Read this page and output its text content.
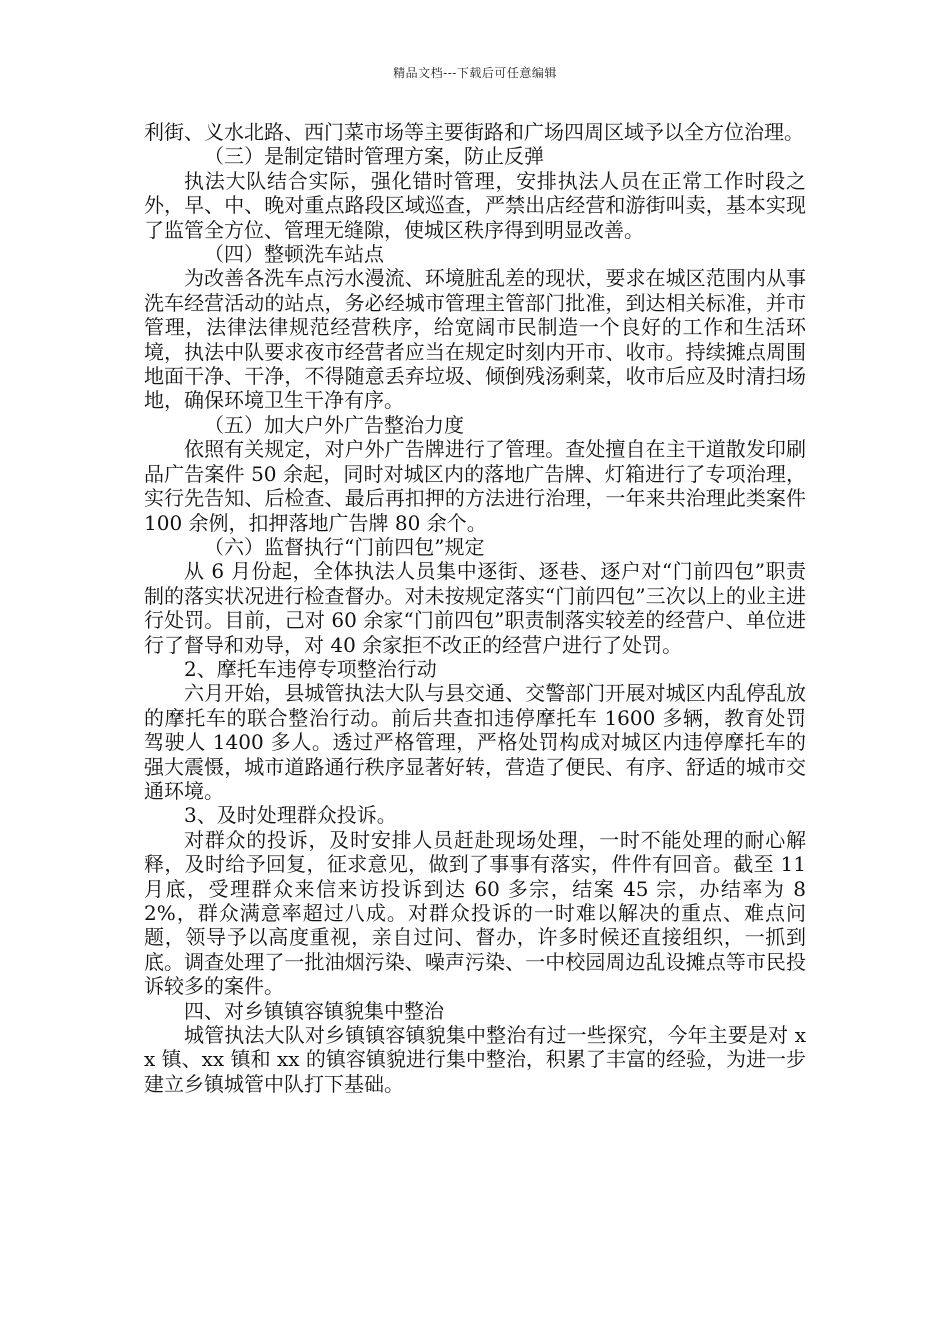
精品文档---下载后可任意编辑

利街、义水北路、西门菜市场等主要街路和广场四周区域予以全方位治理。

（三）是制定错时管理方案，防止反弹

执法大队结合实际，强化错时管理，安排执法人员在正常工作时段之外，早、中、晚对重点路段区域巡查，严禁出店经营和游街叫卖，基本实现了监管全方位、管理无缝隙，使城区秩序得到明显改善。

（四）整顿洗车站点

为改善各洗车点污水漫流、环境脏乱差的现状，要求在城区范围内从事洗车经营活动的站点，务必经城市管理主管部门批准，到达相关标准，并市管理，法律法律规范经营秩序，给宽阔市民制造一个良好的工作和生活环境，执法中队要求夜市经营者应当在规定时刻内开市、收市。持续摊点周围地面干净、干净，不得随意丢弃垃圾、倾倒残汤剩菜，收市后应及时清扫场地，确保环境卫生干净有序。

（五）加大户外广告整治力度

依照有关规定，对户外广告牌进行了管理。查处擅自在主干道散发印刷品广告案件 50 余起，同时对城区内的落地广告牌、灯箱进行了专项治理，实行先告知、后检查、最后再扣押的方法进行治理，一年来共治理此类案件 100 余例，扣押落地广告牌 80 余个。

（六）监督执行“门前四包”规定

从 6 月份起，全体执法人员集中逐街、逐巷、逐户对“门前四包”职责制的落实状况进行检查督办。对未按规定落实“门前四包”三次以上的业主进行处罚。目前，己对 60 余家“门前四包”职责制落实较差的经营户、单位进行了督导和劝导，对 40 余家拒不改正的经营户进行了处罚。

2、摩托车违停专项整治行动

六月开始，县城管执法大队与县交通、交警部门开展对城区内乱停乱放的摩托车的联合整治行动。前后共查扣违停摩托车 1600 多辆，教育处罚驾驶人 1400 多人。透过严格管理，严格处罚构成对城区内违停摩托车的强大震慑，城市道路通行秩序显著好转，营造了便民、有序、舒适的城市交通环境。

3、及时处理群众投诉。

对群众的投诉，及时安排人员赶赴现场处理，一时不能处理的耐心解释，及时给予回复，征求意见，做到了事事有落实，件件有回音。截至 11 月底，受理群众来信来访投诉到达 60 多宗，结案 45 宗，办结率为 82%，群众满意率超过八成。对群众投诉的一时难以解决的重点、难点问题，领导予以高度重视，亲自过问、督办，许多时候还直接组织，一抓到底。调查处理了一批油烟污染、噪声污染、一中校园周边乱设摊点等市民投诉较多的案件。

四、对乡镇镇容镇貌集中整治

城管执法大队对乡镇镇容镇貌集中整治有过一些探究，今年主要是对 xx 镇、xx 镇和 xx 的镇容镇貌进行集中整治，积累了丰富的经验，为进一步建立乡镇城管中队打下基础。
